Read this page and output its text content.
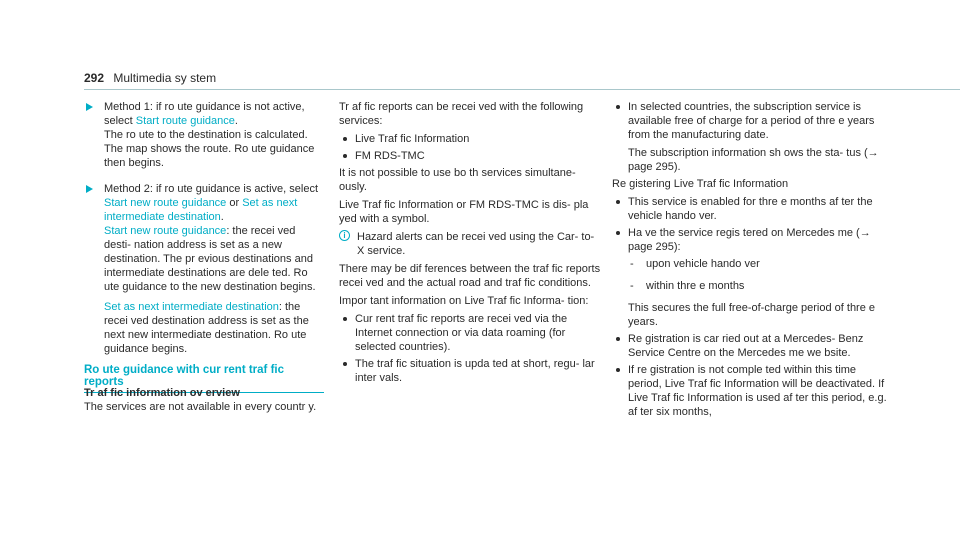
292 Multimedia sy stem
Method 1: if ro ute guidance is not active, select Start route guidance.
The ro ute to the destination is calculated. The map shows the route. Ro ute guidance then begins.
Method 2: if ro ute guidance is active, select Start new route guidance or Set as next intermediate destination.
Start new route guidance: the recei ved desti‐ nation address is set as a new destination. The pr evious destinations and intermediate destinations are dele ted. Ro ute guidance to the new destination begins.
Set as next intermediate destination: the recei ved destination address is set as the next new intermediate destination. Ro ute guidance begins.
Ro ute guidance with cur rent traf fic reports
Tr af fic information ov erview
The services are not available in every countr y.

Tr af fic reports can be recei ved with the following services:

Live Traf fic Information
FM RDS-TMC

It is not possible to use bo th services simultane‐ ously.

Live Traf fic Information or FM RDS-TMC is dis‐ pla yed with a symbol.

i	Hazard alerts can be recei ved using the Car- to-X service.

There may be dif ferences between the traf fic reports recei ved and the actual road and traf fic conditions.

Impor tant information on Live Traf fic Informa‐ tion:

Cur rent traf fic reports are recei ved via the Internet connection or via data roaming (for selected countries).
The traf fic situation is upda ted at short, regu‐ lar inter vals.
In selected countries, the subscription service is available free of charge for a period of thre e years from the manufacturing date.
The subscription information sh ows the sta‐ tus (→ page 295).

Re gistering Live Traf fic Information

This service is enabled for thre e months af ter the vehicle hando ver.
Ha ve the service regis tered on Mercedes me (→ page 295):
- upon vehicle hando ver
- within thre e months
This secures the full free-of-charge period of thre e years.
Re gistration is car ried out at a Mercedes- Benz Service Centre on the Mercedes me we bsite.
If re gistration is not comple ted within this time period, Live Traf fic Information will be deactivated. If Live Traf fic Information is used af ter this period, e.g. af ter six months,
